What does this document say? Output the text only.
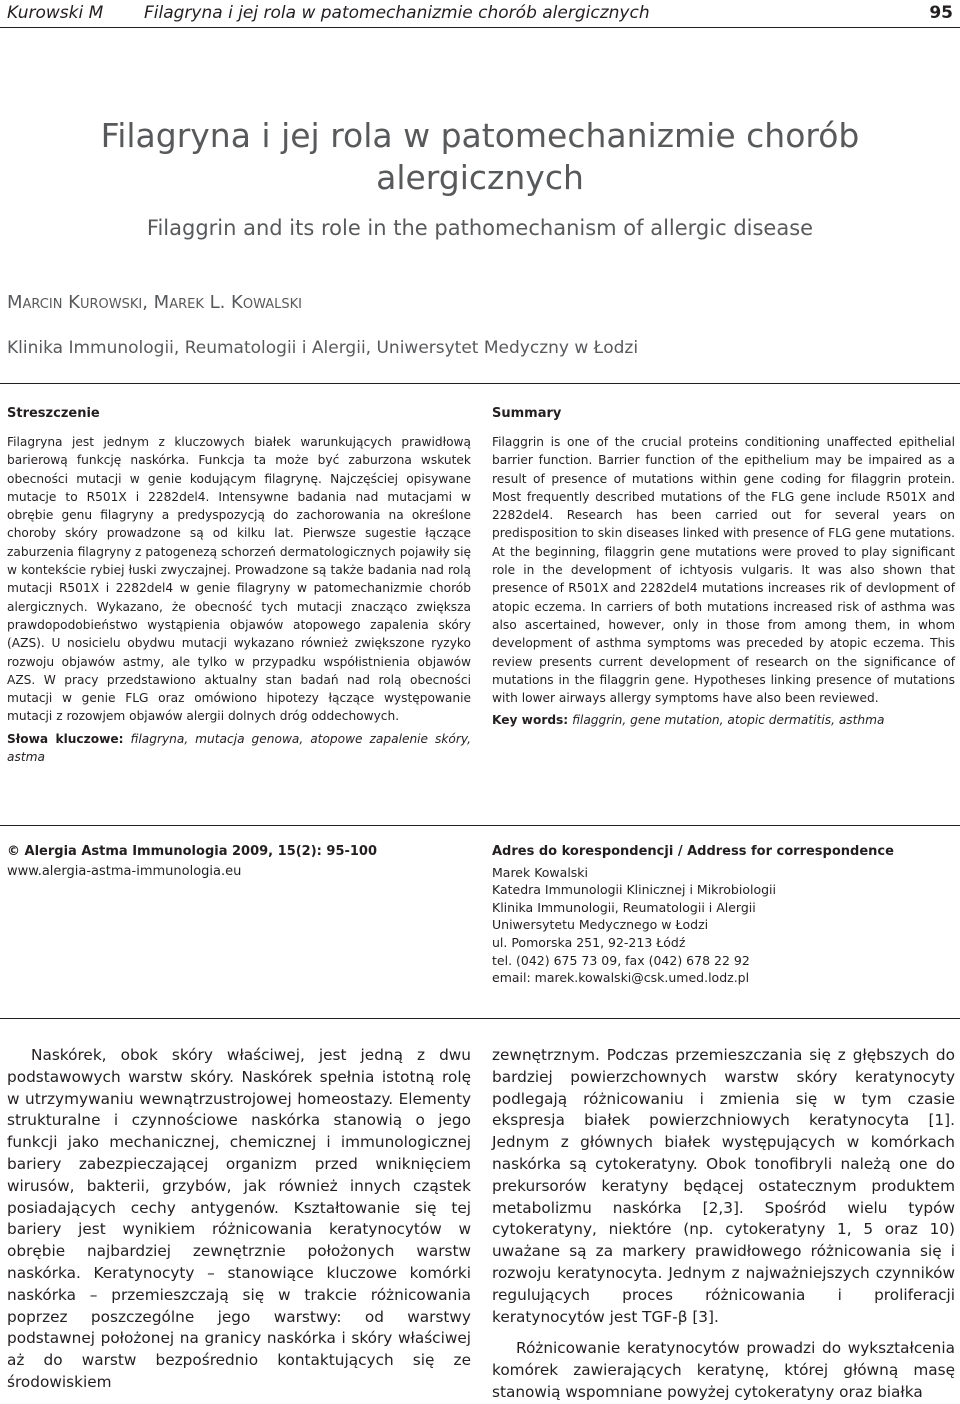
Kurowski M Filagryna i jej rola w patomechanizmie chorób alergicznych	95
Filagryna i jej rola w patomechanizmie chorób alergicznych
Filaggrin and its role in the pathomechanism of allergic disease
Marcin Kurowski, Marek L. Kowalski
Klinika Immunologii, Reumatologii i Alergii, Uniwersytet Medyczny w Łodzi
Streszczenie

Filagryna jest jednym z kluczowych białek warunkujących prawidłową barierową funkcję naskórka. Funkcja ta może być zaburzona wskutek obecności mutacji w genie kodującym filagrynę. Najczęściej opisywane mutacje to R501X i 2282del4. Intensywne badania nad mutacjami w obrębie genu filagryny a predyspozycją do zachorowania na określone choroby skóry prowadzone są od kilku lat. Pierwsze sugestie łączące zaburzenia filagryny z patogenezą schorzeń dermatologicznych pojawiły się w kontekście rybiej łuski zwyczajnej. Prowadzone są także badania nad rolą mutacji R501X i 2282del4 w genie filagryny w patomechanizmie chorób alergicznych. Wykazano, że obecność tych mutacji znacząco zwiększa prawdopodobieństwo wystąpienia objawów atopowego zapalenia skóry (AZS). U nosicielu obydwu mutacji wykazano również zwiększone ryzyko rozwoju objawów astmy, ale tylko w przypadku współistnienia objawów AZS. W pracy przedstawiono aktualny stan badań nad rolą obecności mutacji w genie FLG oraz omówiono hipotezy łączące występowanie mutacji z rozowjem objawów alergii dolnych dróg oddechowych.

Słowa kluczowe: filagryna, mutacja genowa, atopowe zapalenie skóry, astma

Summary

Filaggrin is one of the crucial proteins conditioning unaffected epithelial barrier function. Barrier function of the epithelium may be impaired as a result of presence of mutations within gene coding for filaggrin protein. Most frequently described mutations of the FLG gene include R501X and 2282del4. Research has been carried out for several years on predisposition to skin diseases linked with presence of FLG gene mutations. At the beginning, filaggrin gene mutations were proved to play significant role in the development of ichtyosis vulgaris. It was also shown that presence of R501X and 2282del4 mutations increases rik of devlopment of atopic eczema. In carriers of both mutations increased risk of asthma was also ascertained, however, only in those from among them, in whom development of asthma symptoms was preceded by atopic eczema. This review presents current development of research on the significance of mutations in the filaggrin gene. Hypotheses linking presence of mutations with lower airways allergy symptoms have also been reviewed.

Key words: filaggrin, gene mutation, atopic dermatitis, asthma

© Alergia Astma Immunologia 2009, 15(2): 95-100
www.alergia-astma-immunologia.eu
Adres do korespondencji / Address for correspondence
Marek Kowalski
Katedra Immunologii Klinicznej i Mikrobiologii
Klinika Immunologii, Reumatologii i Alergii
Uniwersytetu Medycznego w Łodzi
ul. Pomorska 251, 92-213 Łódź
tel. (042) 675 73 09, fax (042) 678 22 92
email: marek.kowalski@csk.umed.lodz.pl

Naskórek, obok skóry właściwej, jest jedną z dwu podstawowych warstw skóry. Naskórek spełnia istotną rolę w utrzymywaniu wewnątrzustrojowej homeostazy. Elementy strukturalne i czynnościowe naskórka stanowią o jego funkcji jako mechanicznej, chemicznej i immunologicznej bariery zabezpieczającej organizm przed wniknięciem wirusów, bakterii, grzybów, jak również innych cząstek posiadających cechy antygenów. Kształtowanie się tej bariery jest wynikiem różnicowania keratynocytów w obrębie najbardziej zewnętrznie położonych warstw naskórka. Keratynocyty – stanowiące kluczowe komórki naskórka – przemieszczają się w trakcie różnicowania poprzez poszczególne jego warstwy: od warstwy podstawnej położonej na granicy naskórka i skóry właściwej aż do warstw bezpośrednio kontaktujących się ze środowiskiem

zewnętrznym. Podczas przemieszczania się z głębszych do bardziej powierzchownych warstw skóry keratynocyty podlegają różnicowaniu i zmienia się w tym czasie ekspresja białek powierzchniowych keratynocyta [1]. Jednym z głównych białek występujących w komórkach naskórka są cytokeratyny. Obok tonofibryli należą one do prekursorów keratyny będącej ostatecznym produktem metabolizmu naskórka [2,3]. Spośród wielu typów cytokeratyny, niektóre (np. cytokeratyny 1, 5 oraz 10) uważane są za markery prawidłowego różnicowania się i rozwoju keratynocyta. Jednym z najważniejszych czynników regulujących proces różnicowania i proliferacji keratynocytów jest TGF-β [3].

Różnicowanie keratynocytów prowadzi do wykształcenia komórek zawierających keratynę, której główną masę stanowią wspomniane powyżej cytokeratyny oraz białka
